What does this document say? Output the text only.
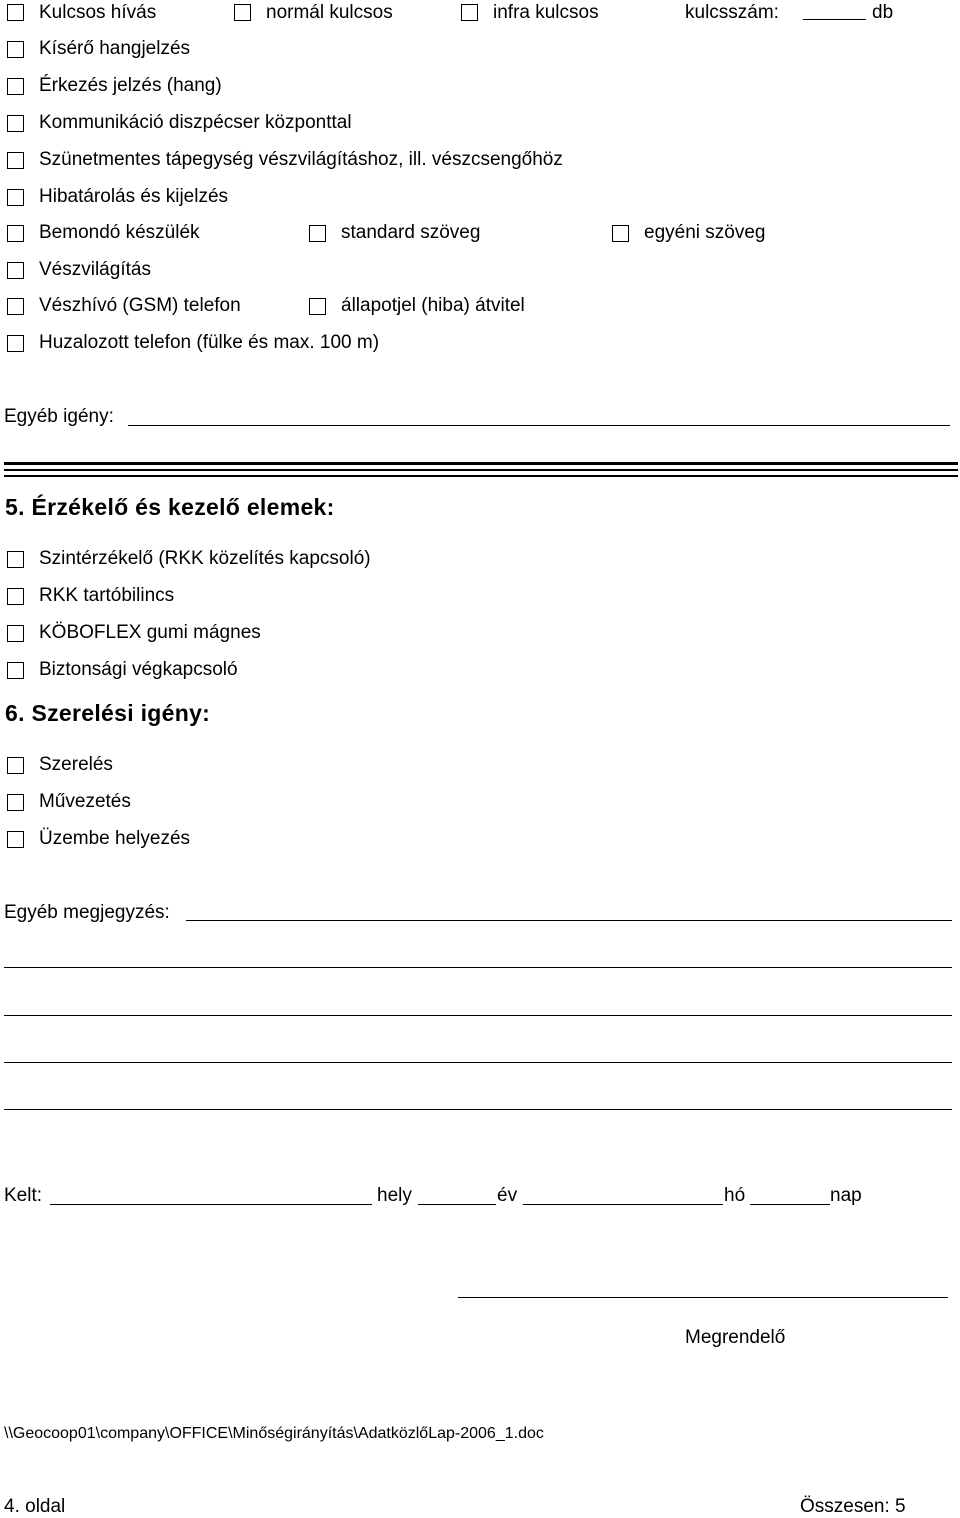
Kulcsos hívás	normál kulcsos	infra kulcsos	kulcsszám:	db
Kísérő hangjelzés
Érkezés jelzés (hang)
Kommunikáció diszpécser központtal
Szünetmentes tápegység vészvilágításhoz, ill. vészcsengőhöz
Hibatárolás és kijelzés
Bemondó készülék	standard szöveg	egyéni szöveg
Vészvilágítás
Vészhívó (GSM) telefon	állapotjel (hiba) átvitel
Huzalozott telefon (fülke és max. 100 m)
Egyéb igény:
5. Érzékelő és kezelő elemek:
Szintérzékelő (RKK közelítés kapcsoló)
RKK tartóbilincs
KÖBOFLEX gumi mágnes
Biztonsági végkapcsoló
6. Szerelési igény:
Szerelés
Művezetés
Üzembe helyezés
Egyéb megjegyzés:
Kelt:	hely	év	hó	nap
Megrendelő
\\Geocoop01\company\OFFICE\Minőségirányítás\AdatközlőLap-2006_1.doc
4. oldal	Összesen: 5
